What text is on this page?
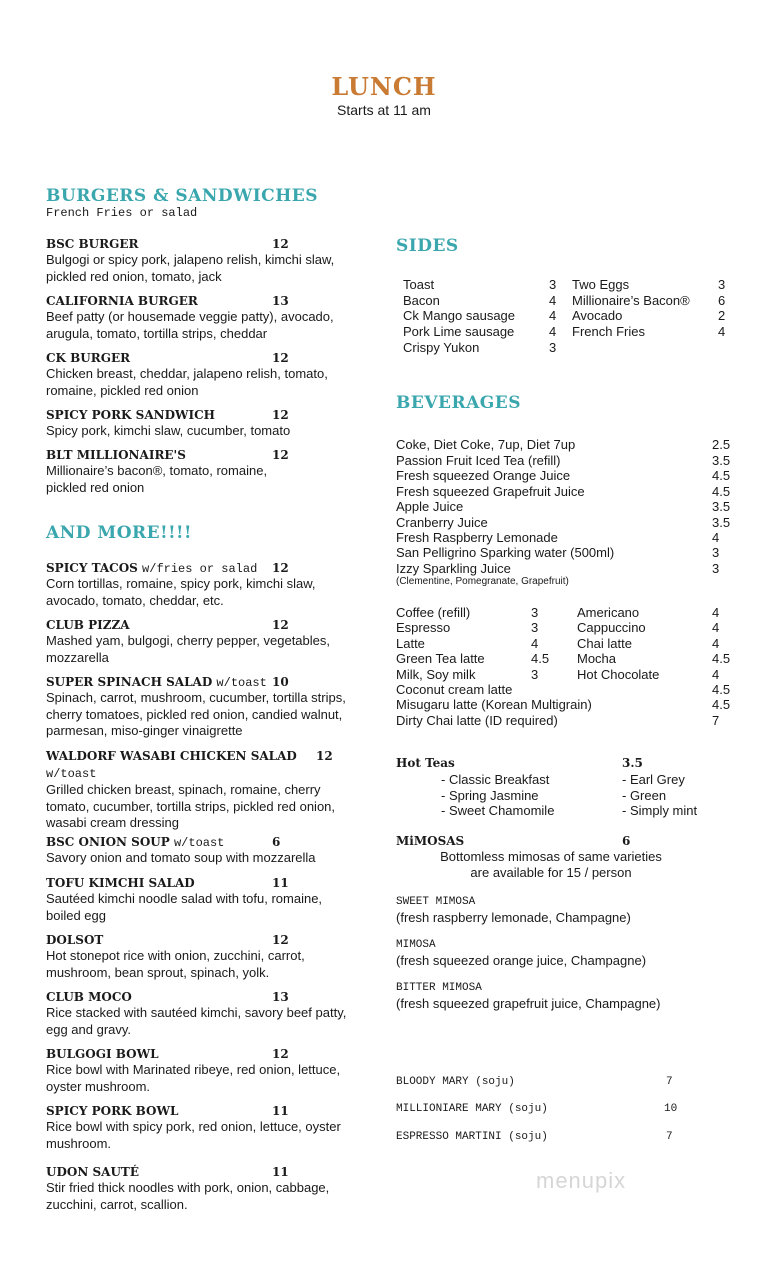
LUNCH
Starts at 11 am
BURGERS & SANDWICHES
French Fries or salad
BSC BURGER	12
Bulgogi or spicy pork, jalapeno relish, kimchi slaw, pickled red onion, tomato, jack
CALIFORNIA BURGER	13
Beef patty (or housemade veggie patty), avocado, arugula, tomato, tortilla strips, cheddar
CK BURGER	12
Chicken breast, cheddar, jalapeno relish, tomato, romaine, pickled red onion
SPICY PORK SANDWICH	12
Spicy pork, kimchi slaw, cucumber, tomato
BLT MILLIONAIRE'S	12
Millionaire’s bacon®, tomato, romaine, pickled red onion
AND MORE!!!!
SPICY TACOS w/fries or salad 12
Corn tortillas, romaine, spicy pork, kimchi slaw, avocado, tomato, cheddar, etc.
CLUB PIZZA	12
Mashed yam, bulgogi, cherry pepper, vegetables, mozzarella
SUPER SPINACH SALAD w/toast 10
Spinach, carrot, mushroom, cucumber, tortilla strips, cherry tomatoes, pickled red onion, candied walnut, parmesan, miso-ginger vinaigrette
WALDORF WASABI CHICKEN SALAD 12

w/toast
Grilled chicken breast, spinach, romaine, cherry tomato, cucumber, tortilla strips, pickled red onion, wasabi cream dressing
BSC ONION SOUP w/toast	6
Savory onion and tomato soup with mozzarella
TOFU KIMCHI SALAD	11
Sautéed kimchi noodle salad with tofu, romaine, boiled egg
DOLSOT	12
Hot stonepot rice with onion, zucchini, carrot, mushroom, bean sprout, spinach, yolk.
CLUB MOCO	13
Rice stacked with sautéed kimchi, savory beef patty, egg and gravy.
BULGOGI BOWL	12
Rice bowl with Marinated ribeye, red onion, lettuce, oyster mushroom.
SPICY PORK BOWL	11
Rice bowl with spicy pork, red onion, lettuce, oyster mushroom.
UDON SAUTÉ	11
Stir fried thick noodles with pork, onion, cabbage, zucchini, carrot, scallion.
SIDES
Toast	3
Bacon	4
Ck Mango sausage	4
Pork Lime sausage	4
Crispy Yukon	3
Two Eggs	3
Millionaire’s Bacon® 6
Avocado	2
French Fries	4
BEVERAGES
Coke, Diet Coke, 7up, Diet 7up	2.5
Passion Fruit Iced Tea (refill)	3.5
Fresh squeezed Orange Juice	4.5
Fresh squeezed Grapefruit Juice	4.5
Apple Juice	3.5
Cranberry Juice	3.5
Fresh Raspberry Lemonade	4
San Pelligrino Sparking water (500ml)	3
Izzy Sparkling Juice	3
(Clementine, Pomegranate, Grapefruit)
Coffee (refill)	3
Espresso	3
Latte	4
Green Tea latte	4.5
Milk, Soy milk	3
Americano	4
Cappuccino	4
Chai latte	4
Mocha	4.5
Hot Chocolate	4
Coconut cream latte	4.5
Misugaru latte (Korean Multigrain)	4.5
Dirty Chai latte (ID required)	7
Hot Teas	3.5
- Classic Breakfast
- Spring Jasmine
- Sweet Chamomile
- Earl Grey
- Green
- Simply mint
MiMOSAS	6
Bottomless mimosas of same varieties
are available for 15 / person
SWEET MIMOSA
(fresh raspberry lemonade, Champagne)
MIMOSA
(fresh squeezed orange juice, Champagne)
BITTER MIMOSA
(fresh squeezed grapefruit juice, Champagne)
BLOODY MARY (soju)	7
MILLIONIARE MARY (soju)	10
ESPRESSO MARTINI (soju)	7
menupix
